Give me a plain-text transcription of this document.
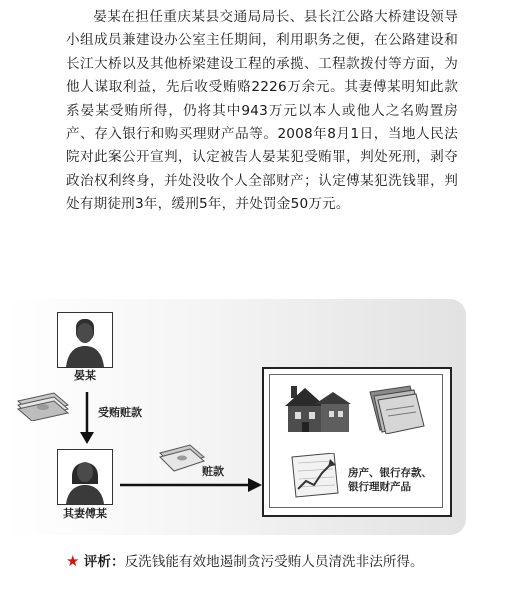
晏某在担任重庆某县交通局局长、县长江公路大桥建设领导小组成员兼建设办公室主任期间，利用职务之便，在公路建设和长江大桥以及其他桥梁建设工程的承揽、工程款拨付等方面，为他人谋取利益，先后收受贿赂2226万余元。其妻傅某明知此款系晏某受贿所得，仍将其中943万元以本人或他人之名购置房产、存入银行和购买理财产品等。2008年8月1日，当地人民法院对此案公开宣判，认定被告人晏某犯受贿罪，判处死刑，剥夺政治权利终身，并处没收个人全部财产；认定傅某犯洗钱罪，判处有期徒刑3年，缓刑5年，并处罚金50万元。

晏某
受贿赃款
其妻傅某
赃款	房产、银行存款、银行理财产品

★ 评析：反洗钱能有效地遏制贪污受贿人员清洗非法所得。
